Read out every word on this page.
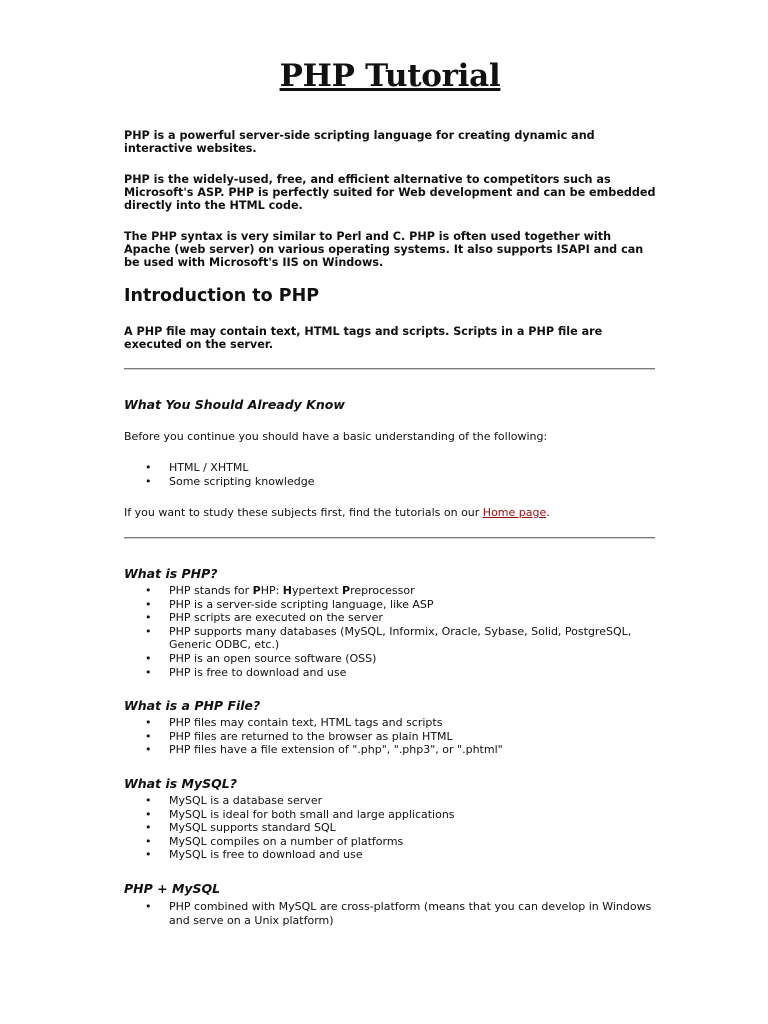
PHP Tutorial

PHP is a powerful server-side scripting language for creating dynamic and interactive websites.

PHP is the widely-used, free, and efficient alternative to competitors such as Microsoft's ASP. PHP is perfectly suited for Web development and can be embedded directly into the HTML code.

The PHP syntax is very similar to Perl and C. PHP is often used together with Apache (web server) on various operating systems. It also supports ISAPI and can be used with Microsoft's IIS on Windows.

Introduction to PHP

A PHP file may contain text, HTML tags and scripts. Scripts in a PHP file are executed on the server.

What You Should Already Know

Before you continue you should have a basic understanding of the following:

• HTML / XHTML
• Some scripting knowledge

If you want to study these subjects first, find the tutorials on our Home page.

What is PHP?
• PHP stands for PHP: Hypertext Preprocessor
• PHP is a server-side scripting language, like ASP
• PHP scripts are executed on the server
• PHP supports many databases (MySQL, Informix, Oracle, Sybase, Solid, PostgreSQL, Generic ODBC, etc.)
• PHP is an open source software (OSS)
• PHP is free to download and use
What is a PHP File?
• PHP files may contain text, HTML tags and scripts
• PHP files are returned to the browser as plain HTML
• PHP files have a file extension of ".php", ".php3", or ".phtml"
What is MySQL?
• MySQL is a database server
• MySQL is ideal for both small and large applications
• MySQL supports standard SQL
• MySQL compiles on a number of platforms
• MySQL is free to download and use
PHP + MySQL
• PHP combined with MySQL are cross-platform (means that you can develop in Windows and serve on a Unix platform)
